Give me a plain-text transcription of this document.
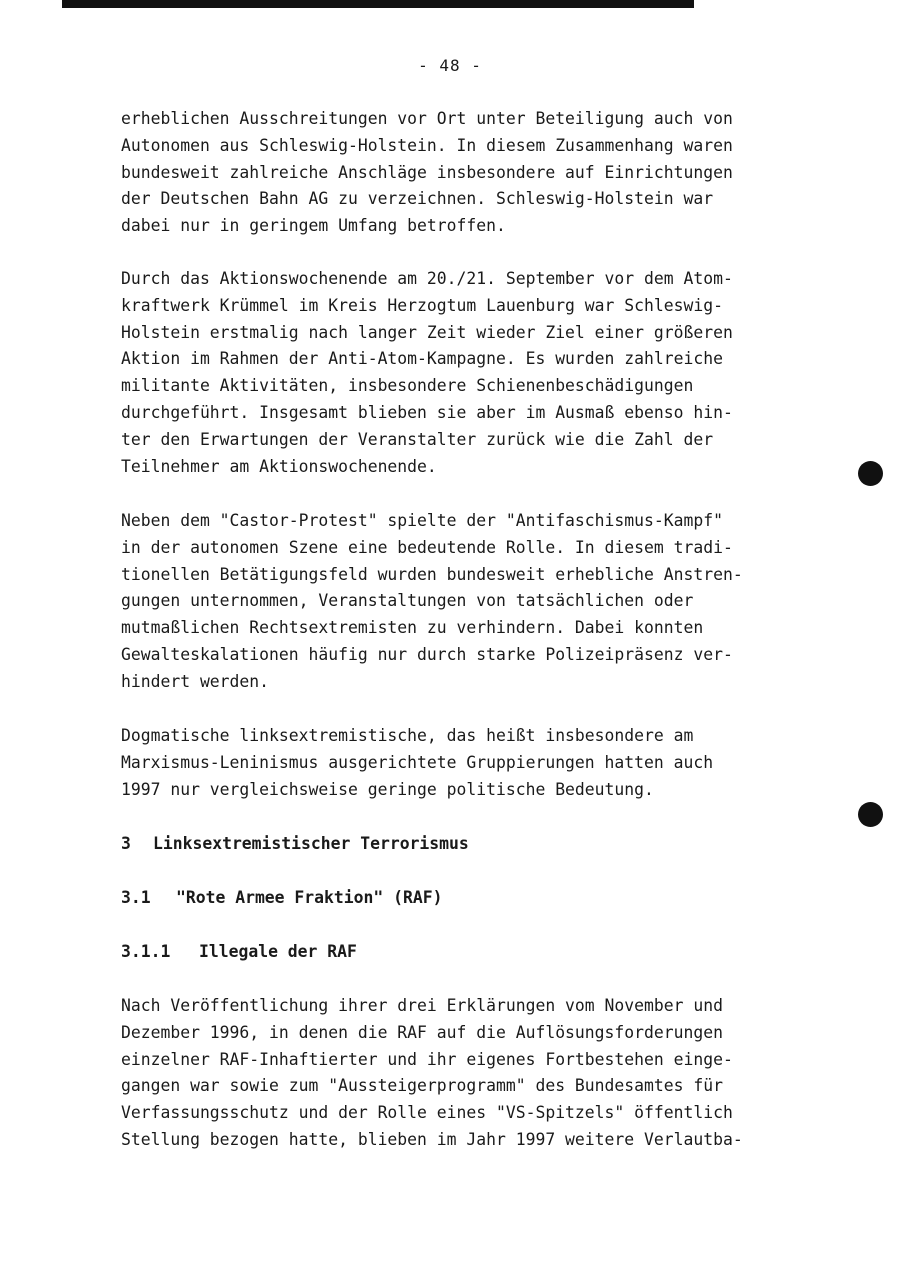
- 48 -
erheblichen Ausschreitungen vor Ort unter Beteiligung auch von
Autonomen aus Schleswig-Holstein. In diesem Zusammenhang waren
bundesweit zahlreiche Anschläge insbesondere auf Einrichtungen
der Deutschen Bahn AG zu verzeichnen. Schleswig-Holstein war
dabei nur in geringem Umfang betroffen.
Durch das Aktionswochenende am 20./21. September vor dem Atom-
kraftwerk Krümmel im Kreis Herzogtum Lauenburg war Schleswig-
Holstein erstmalig nach langer Zeit wieder Ziel einer größeren
Aktion im Rahmen der Anti-Atom-Kampagne. Es wurden zahlreiche
militante Aktivitäten, insbesondere Schienenbeschädigungen
durchgeführt. Insgesamt blieben sie aber im Ausmaß ebenso hin-
ter den Erwartungen der Veranstalter zurück wie die Zahl der
Teilnehmer am Aktionswochenende.
Neben dem "Castor-Protest" spielte der "Antifaschismus-Kampf"
in der autonomen Szene eine bedeutende Rolle. In diesem tradi-
tionellen Betätigungsfeld wurden bundesweit erhebliche Anstren-
gungen unternommen, Veranstaltungen von tatsächlichen oder
mutmaßlichen Rechtsextremisten zu verhindern. Dabei konnten
Gewalteskalationen häufig nur durch starke Polizeipräsenz ver-
hindert werden.
Dogmatische linksextremistische, das heißt insbesondere am
Marxismus-Leninismus ausgerichtete Gruppierungen hatten auch
1997 nur vergleichsweise geringe politische Bedeutung.
3 Linksextremistischer Terrorismus
3.1 "Rote Armee Fraktion" (RAF)
3.1.1 Illegale der RAF
Nach Veröffentlichung ihrer drei Erklärungen vom November und
Dezember 1996, in denen die RAF auf die Auflösungsforderungen
einzelner RAF-Inhaftierter und ihr eigenes Fortbestehen einge-
gangen war sowie zum "Aussteigerprogramm" des Bundesamtes für
Verfassungsschutz und der Rolle eines "VS-Spitzels" öffentlich
Stellung bezogen hatte, blieben im Jahr 1997 weitere Verlautba-
